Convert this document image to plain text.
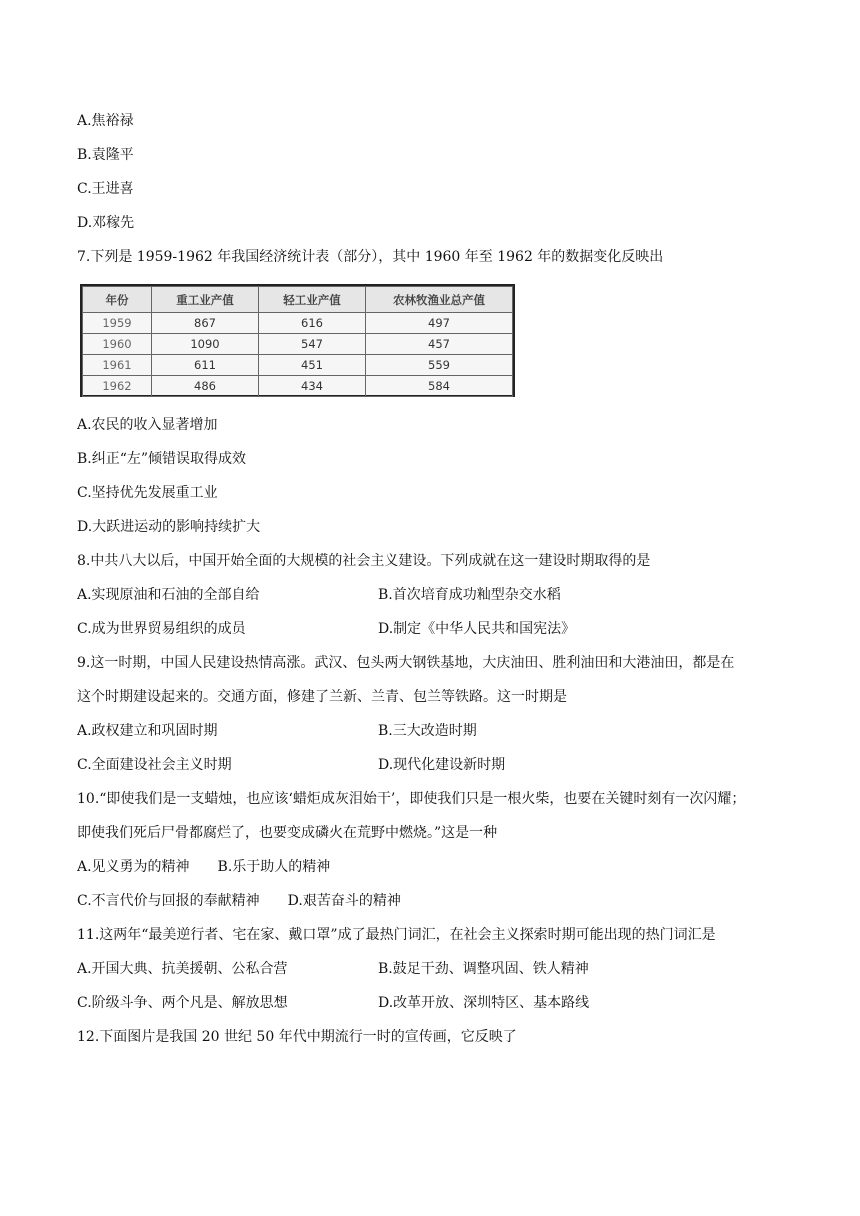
A.焦裕禄
B.袁隆平
C.王进喜
D.邓稼先
7.下列是 1959-1962 年我国经济统计表（部分），其中 1960 年至 1962 年的数据变化反映出
年份	重工业产值	轻工业产值	农林牧渔业总产值
1959	867	616	497
1960	1090	547	457
1961	611	451	559
1962	486	434	584
A.农民的收入显著增加
B.纠正“左”倾错误取得成效
C.坚持优先发展重工业
D.大跃进运动的影响持续扩大
8.中共八大以后，中国开始全面的大规模的社会主义建设。下列成就在这一建设时期取得的是
A.实现原油和石油的全部自给	B.首次培育成功籼型杂交水稻
C.成为世界贸易组织的成员	D.制定《中华人民共和国宪法》
9.这一时期，中国人民建设热情高涨。武汉、包头两大钢铁基地，大庆油田、胜利油田和大港油田，都是在
这个时期建设起来的。交通方面，修建了兰新、兰青、包兰等铁路。这一时期是
A.政权建立和巩固时期	B.三大改造时期
C.全面建设社会主义时期	D.现代化建设新时期
10.“即使我们是一支蜡烛，也应该‘蜡炬成灰泪始干’，即使我们只是一根火柴，也要在关键时刻有一次闪耀；
即使我们死后尸骨都腐烂了，也要变成磷火在荒野中燃烧。”这是一种
A.见义勇为的精神　　B.乐于助人的精神
C.不言代价与回报的奉献精神　　D.艰苦奋斗的精神
11.这两年“最美逆行者、宅在家、戴口罩”成了最热门词汇，在社会主义探索时期可能出现的热门词汇是
A.开国大典、抗美援朝、公私合营	B.鼓足干劲、调整巩固、铁人精神
C.阶级斗争、两个凡是、解放思想	D.改革开放、深圳特区、基本路线
12.下面图片是我国 20 世纪 50 年代中期流行一时的宣传画，它反映了
